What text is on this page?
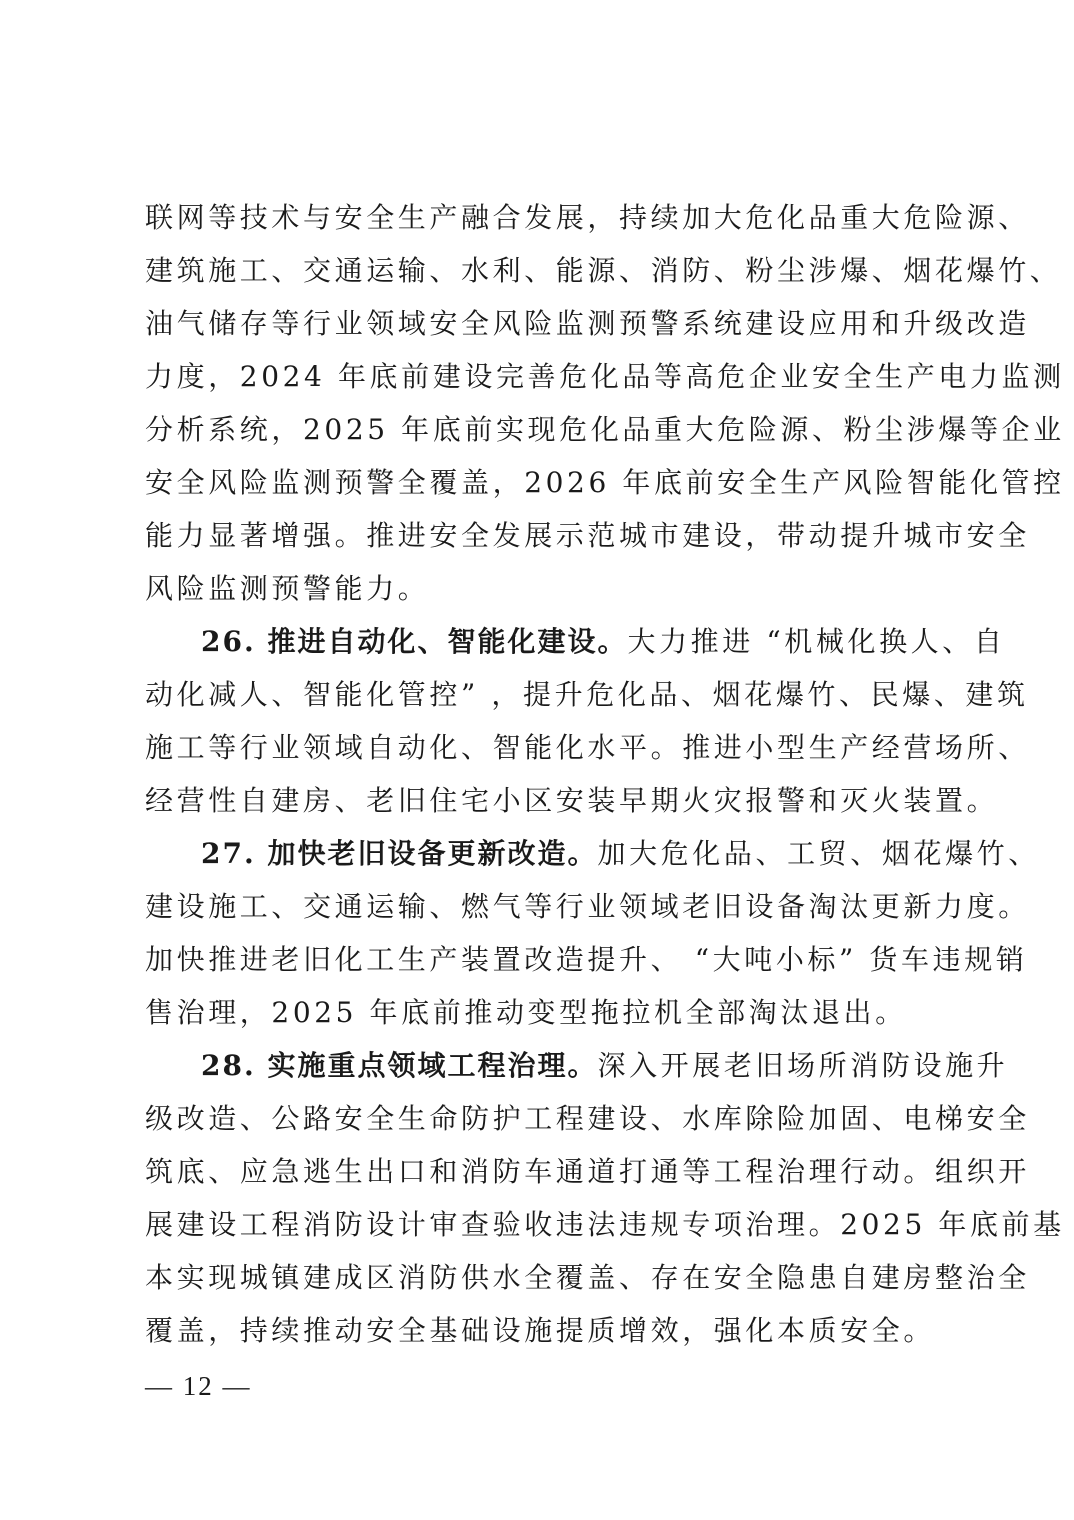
联网等技术与安全生产融合发展，持续加大危化品重大危险源、
建筑施工、交通运输、水利、能源、消防、粉尘涉爆、烟花爆竹、
油气储存等行业领域安全风险监测预警系统建设应用和升级改造
力度，2024 年底前建设完善危化品等高危企业安全生产电力监测
分析系统，2025 年底前实现危化品重大危险源、粉尘涉爆等企业
安全风险监测预警全覆盖，2026 年底前安全生产风险智能化管控
能力显著增强。推进安全发展示范城市建设，带动提升城市安全
风险监测预警能力。
26. 推进自动化、智能化建设。大力推进 “机械化换人、自
动化减人、智能化管控” ，提升危化品、烟花爆竹、民爆、建筑
施工等行业领域自动化、智能化水平。推进小型生产经营场所、
经营性自建房、老旧住宅小区安装早期火灾报警和灭火装置。
27. 加快老旧设备更新改造。加大危化品、工贸、烟花爆竹、
建设施工、交通运输、燃气等行业领域老旧设备淘汰更新力度。
加快推进老旧化工生产装置改造提升、 “大吨小标” 货车违规销
售治理，2025 年底前推动变型拖拉机全部淘汰退出。
28. 实施重点领域工程治理。深入开展老旧场所消防设施升
级改造、公路安全生命防护工程建设、水库除险加固、电梯安全
筑底、应急逃生出口和消防车通道打通等工程治理行动。组织开
展建设工程消防设计审查验收违法违规专项治理。2025 年底前基
本实现城镇建成区消防供水全覆盖、存在安全隐患自建房整治全
覆盖，持续推动安全基础设施提质增效，强化本质安全。
— 12 —
